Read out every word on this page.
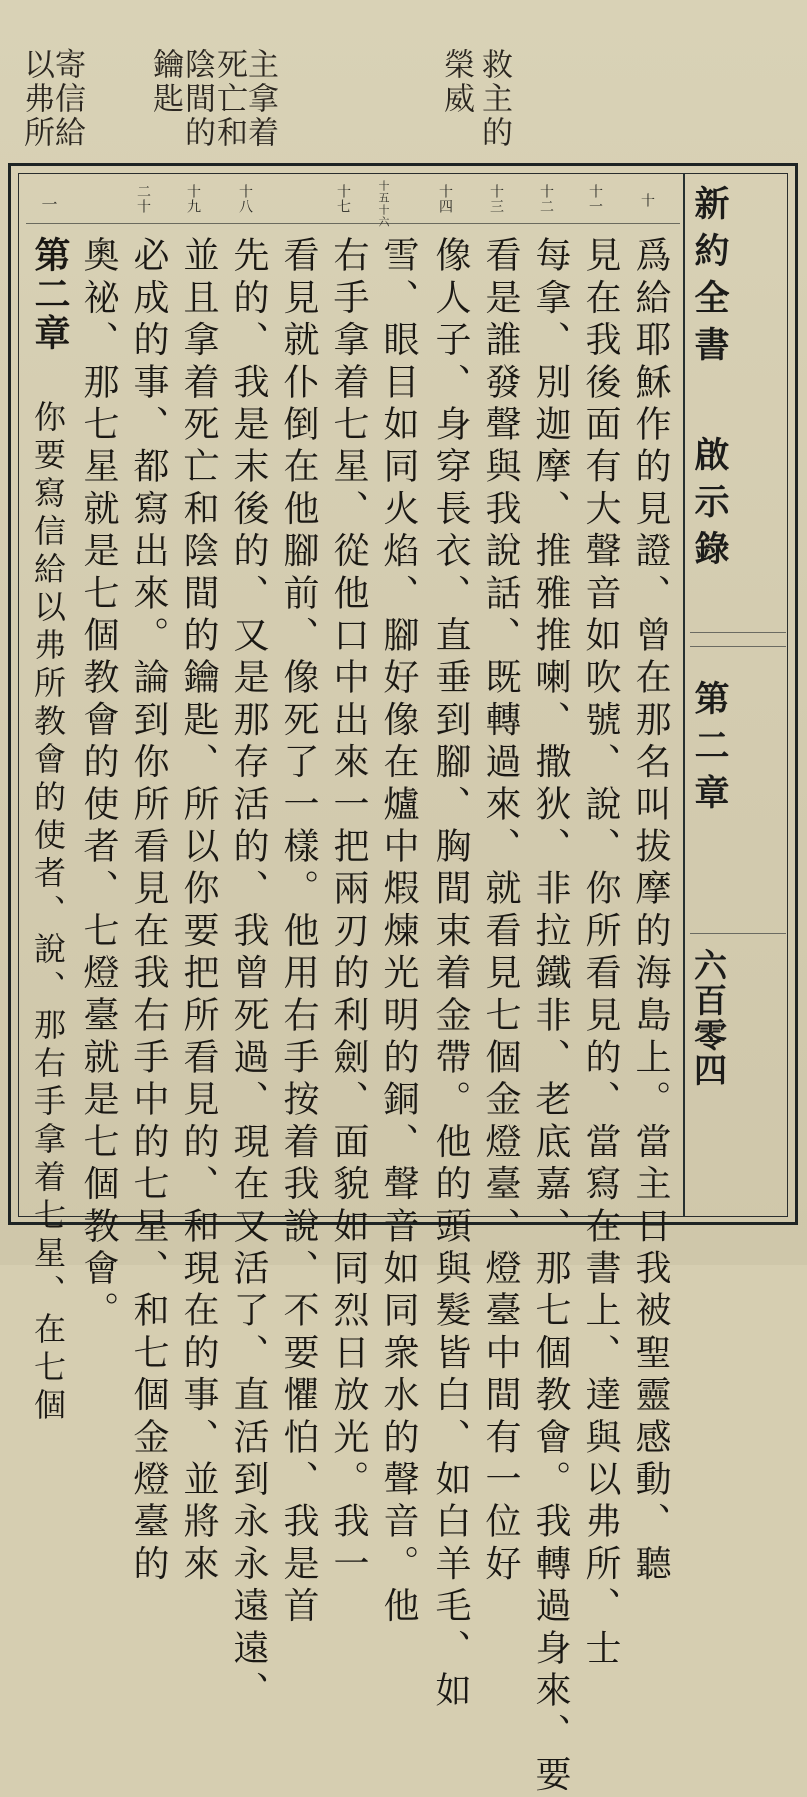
救主的
榮威
主拿着
死亡和
陰間的
鑰匙
寄信給
以弗所
新約全書
啟示錄
第二章
六百零四
十
十一
十二
十三
十四
十五十六
十七
十八
十九
二十
一
爲給耶穌作的見證、曾在那名叫拔摩的海島上。當主日我被聖靈感動、聽
見在我後面有大聲音如吹號、說、你所看見的、當寫在書上、達與以弗所、士
每拿、別迦摩、推雅推喇、撒狄、非拉鐵非、老底嘉、那七個教會。我轉過身來、要
看是誰發聲與我說話、既轉過來、就看見七個金燈臺、燈臺中間有一位好
像人子、身穿長衣、直垂到腳、胸間束着金帶。他的頭與髮皆白、如白羊毛、如
雪、眼目如同火焰、腳好像在爐中煆煉光明的銅、聲音如同衆水的聲音。他
右手拿着七星、從他口中出來一把兩刃的利劍、面貌如同烈日放光。我一
看見就仆倒在他腳前、像死了一樣。他用右手按着我說、不要懼怕、我是首
先的、我是末後的、又是那存活的、我曾死過、現在又活了、直活到永永遠遠、
並且拿着死亡和陰間的鑰匙、所以你要把所看見的、和現在的事、並將來
必成的事、都寫出來。論到你所看見在我右手中的七星、和七個金燈臺的
奧祕、那七星就是七個教會的使者、七燈臺就是七個教會。
第二章
你要寫信給以弗所教會的使者、說、那右手拿着七星、在七個
